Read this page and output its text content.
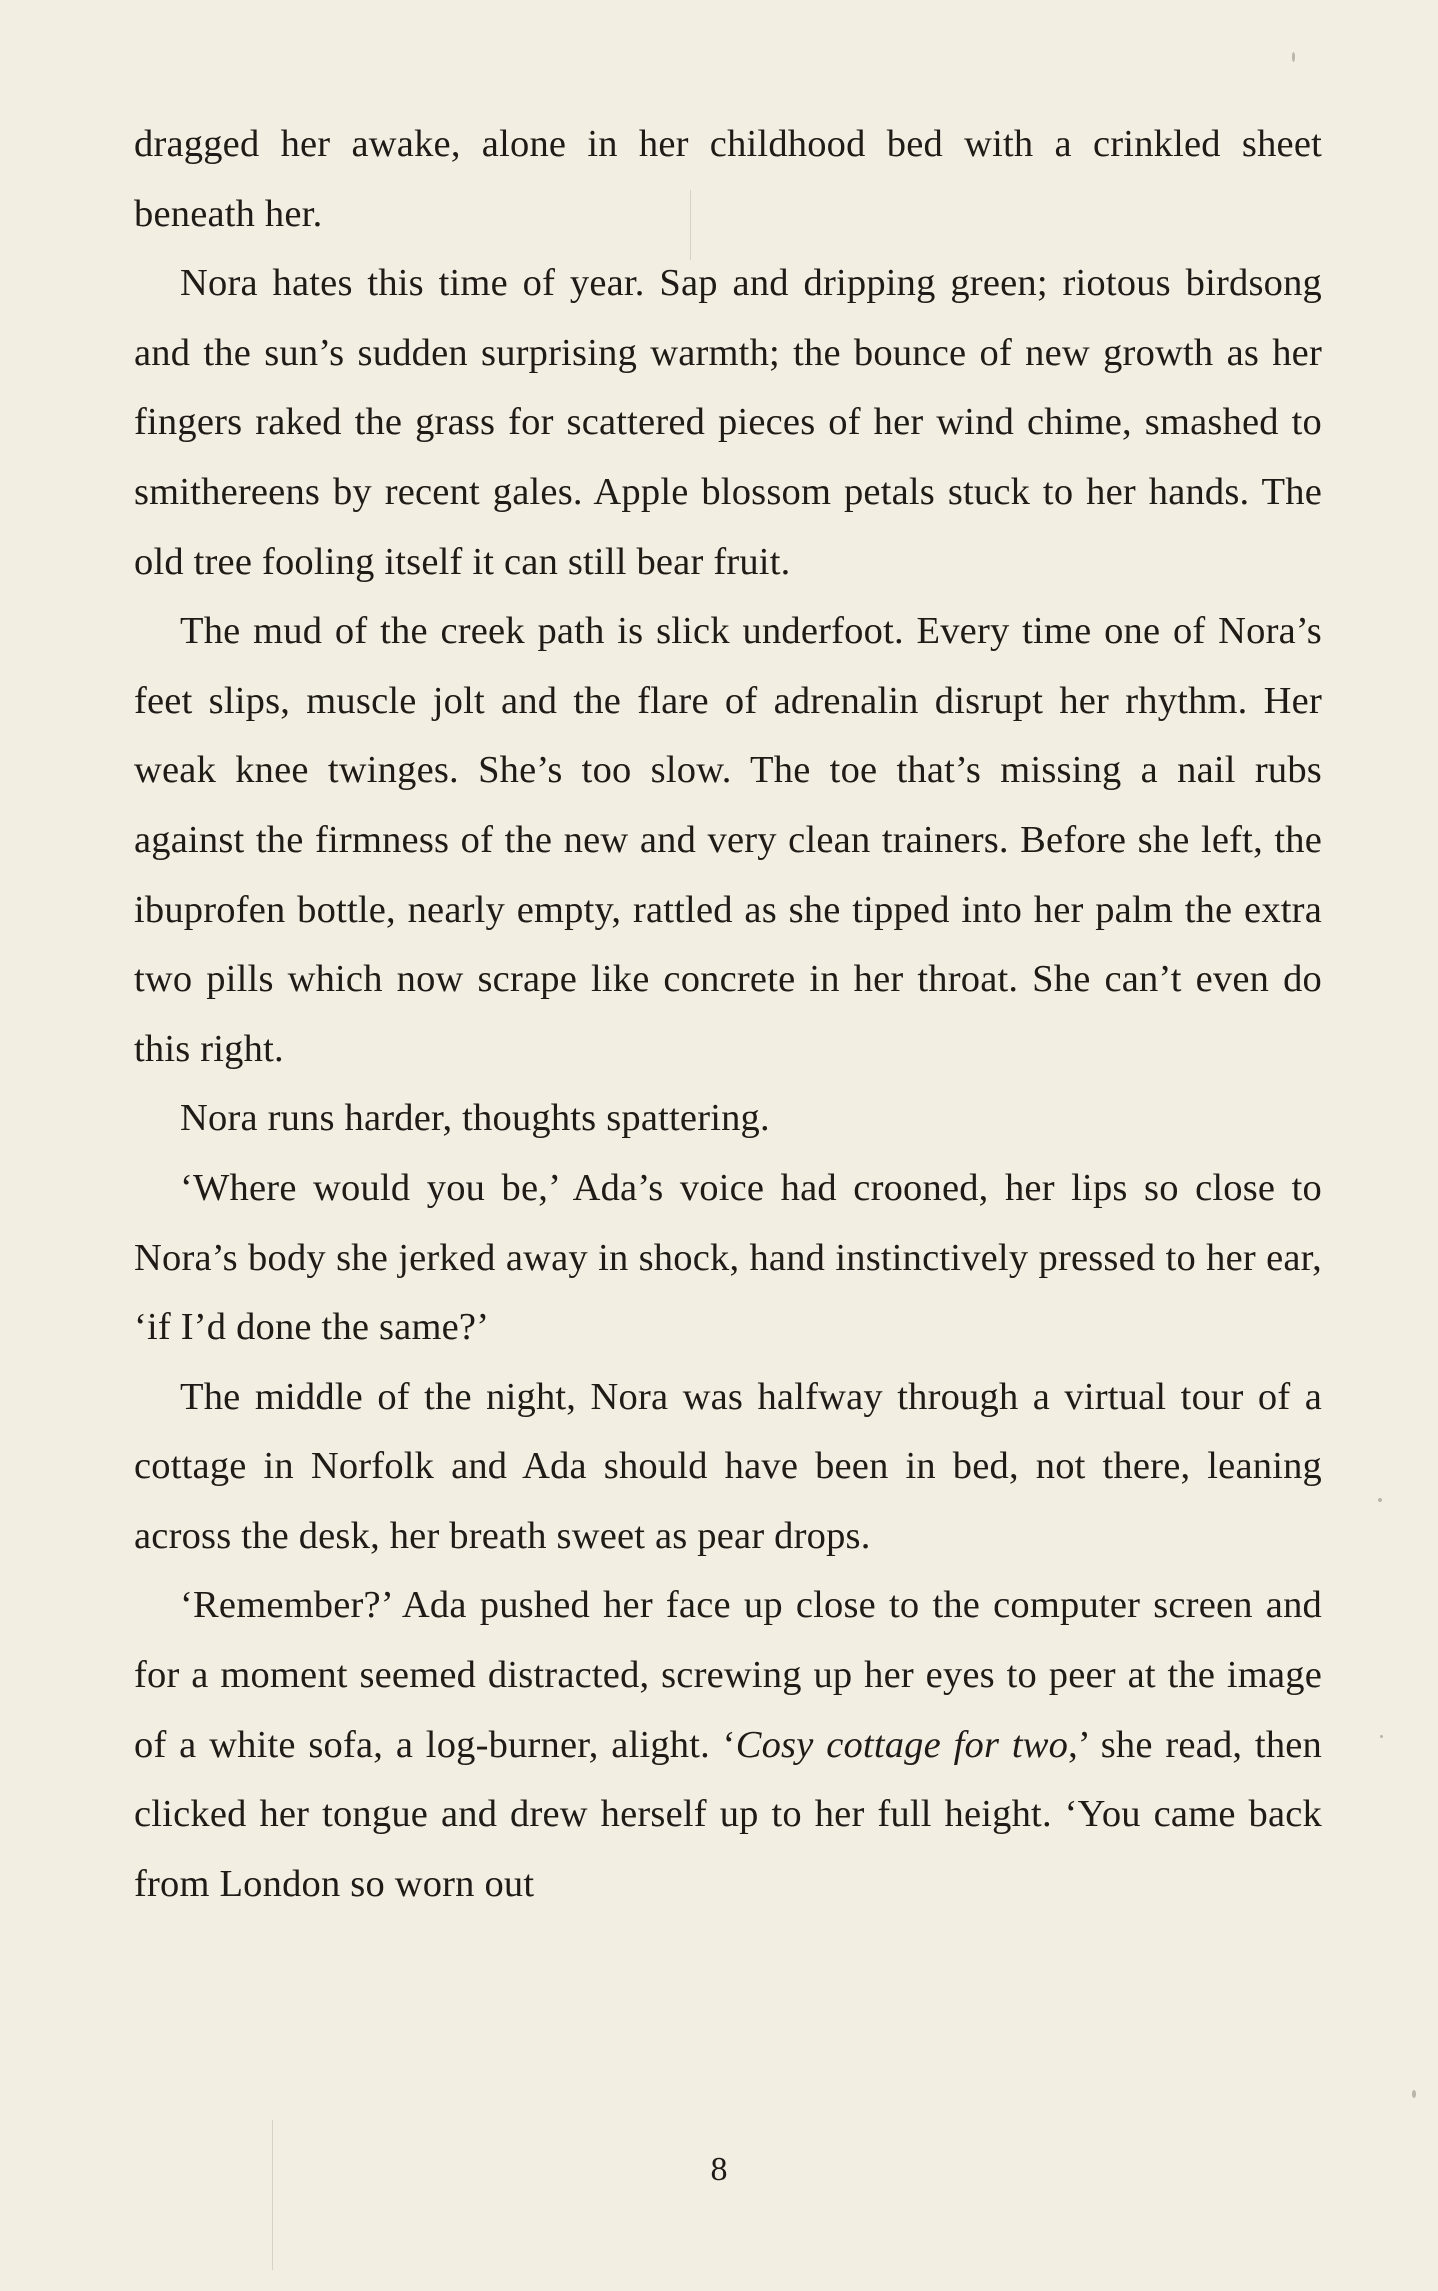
dragged her awake, alone in her childhood bed with a crinkled sheet beneath her.

Nora hates this time of year. Sap and dripping green; riotous birdsong and the sun’s sudden surprising warmth; the bounce of new growth as her fingers raked the grass for scattered pieces of her wind chime, smashed to smithereens by recent gales. Apple blossom petals stuck to her hands. The old tree fooling itself it can still bear fruit.

The mud of the creek path is slick underfoot. Every time one of Nora’s feet slips, muscle jolt and the flare of adrenalin disrupt her rhythm. Her weak knee twinges. She’s too slow. The toe that’s missing a nail rubs against the firmness of the new and very clean trainers. Before she left, the ibuprofen bottle, nearly empty, rattled as she tipped into her palm the extra two pills which now scrape like concrete in her throat. She can’t even do this right.

Nora runs harder, thoughts spattering.

‘Where would you be,’ Ada’s voice had crooned, her lips so close to Nora’s body she jerked away in shock, hand instinctively pressed to her ear, ‘if I’d done the same?’

The middle of the night, Nora was halfway through a virtual tour of a cottage in Norfolk and Ada should have been in bed, not there, leaning across the desk, her breath sweet as pear drops.

‘Remember?’ Ada pushed her face up close to the computer screen and for a moment seemed distracted, screwing up her eyes to peer at the image of a white sofa, a log-burner, alight. ‘Cosy cottage for two,’ she read, then clicked her tongue and drew herself up to her full height. ‘You came back from London so worn out

8
